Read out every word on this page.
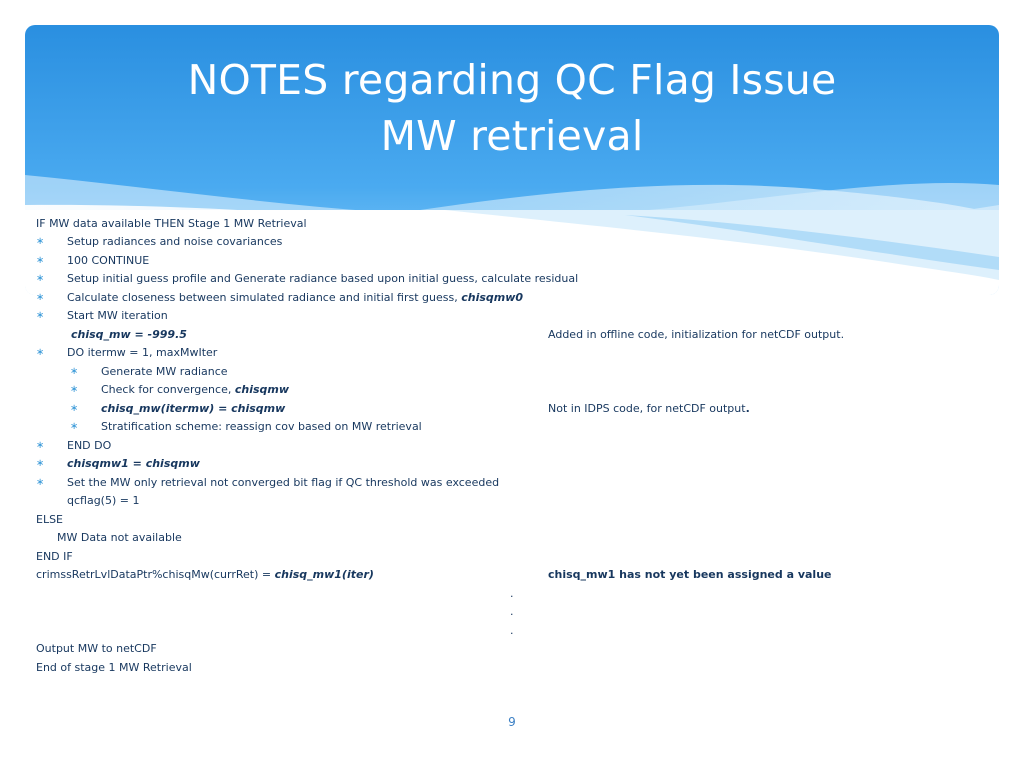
NOTES regarding QC Flag Issue
MW retrieval
IF MW data available THEN Stage 1 MW Retrieval
∗ Setup radiances and noise covariances
∗ 100 CONTINUE
∗ Setup initial guess profile and Generate radiance based upon initial guess, calculate residual
∗ Calculate closeness between simulated radiance and initial first guess, chisqmw0
∗ Start MW iteration
chisq_mw = -999.5	Added in offline code, initialization for netCDF output.
∗ DO itermw = 1, maxMwIter
∗ Generate MW radiance
∗ Check for convergence, chisqmw
∗ chisq_mw(itermw) = chisqmw	Not in IDPS code, for netCDF output.
∗ Stratification scheme: reassign cov based on MW retrieval
∗ END DO
∗ chisqmw1 = chisqmw
∗ Set the MW only retrieval not converged bit flag if QC threshold was exceeded
qcflag(5) = 1
ELSE
MW Data not available
END IF
crimssRetrLvlDataPtr%chisqMw(currRet) = chisq_mw1(iter)	chisq_mw1 has not yet been assigned a value
.
.
.
Output MW to netCDF
End of stage 1 MW Retrieval
9
